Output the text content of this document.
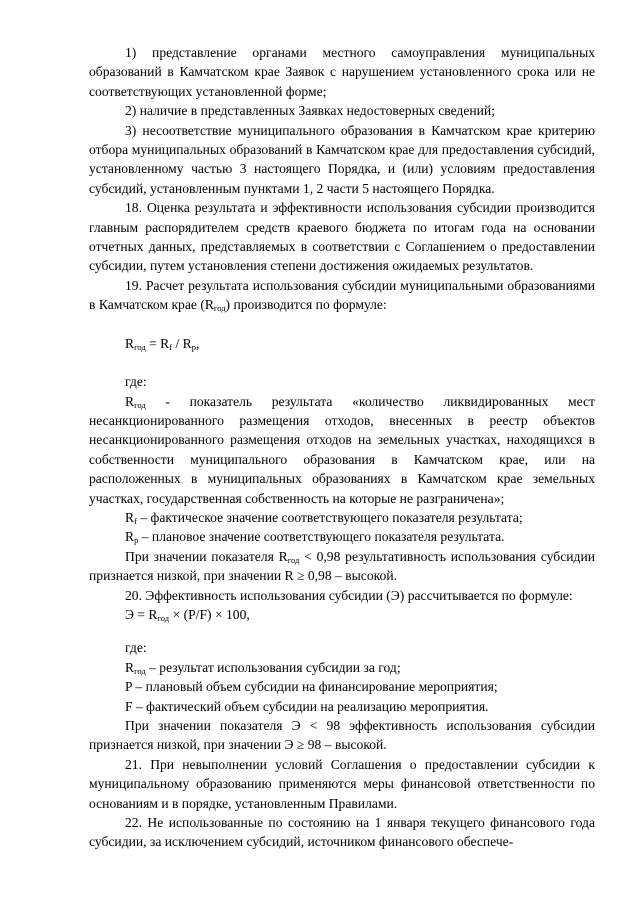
1) представление органами местного самоуправления муниципальных образований в Камчатском крае Заявок с нарушением установленного срока или не соответствующих установленной форме;

2) наличие в представленных Заявках недостоверных сведений;

3) несоответствие муниципального образования в Камчатском крае критерию отбора муниципальных образований в Камчатском крае для предоставления субсидий, установленному частью 3 настоящего Порядка, и (или) условиям предоставления субсидий, установленным пунктами 1, 2 части 5 настоящего Порядка.

18. Оценка результата и эффективности использования субсидии производится главным распорядителем средств краевого бюджета по итогам года на основании отчетных данных, представляемых в соответствии с Соглашением о предоставлении субсидии, путем установления степени достижения ожидаемых результатов.

19. Расчет результата использования субсидии муниципальными образованиями в Камчатском крае $(R_{год})$ производится по формуле:

$R_{год} = R_f / R_p$,

где:

$R_{год}$ - показатель результата «количество ликвидированных мест несанкционированного размещения отходов, внесенных в реестр объектов несанкционированного размещения отходов на земельных участках, находящихся в собственности муниципального образования в Камчатском крае, или на расположенных в муниципальных образованиях в Камчатском крае земельных участках, государственная собственность на которые не разграничена»;

$R_f$ – фактическое значение соответствующего показателя результата;

$R_p$ – плановое значение соответствующего показателя результата.

При значении показателя $R_{год} < 0,98$ результативность использования субсидии признается низкой, при значении R ≥ 0,98 – высокой.

20. Эффективность использования субсидии (Э) рассчитывается по формуле:

$Э = R_{год} \times (P/F) \times 100$,

где:

$R_{год}$ – результат использования субсидии за год;

P – плановый объем субсидии на финансирование мероприятия;

F – фактический объем субсидии на реализацию мероприятия.

При значении показателя Э < 98 эффективность использования субсидии признается низкой, при значении Э ≥ 98 – высокой.

21. При невыполнении условий Соглашения о предоставлении субсидии к муниципальному образованию применяются меры финансовой ответственности по основаниям и в порядке, установленным Правилами.

22. Не использованные по состоянию на 1 января текущего финансового года субсидии, за исключением субсидий, источником финансового обеспече-
